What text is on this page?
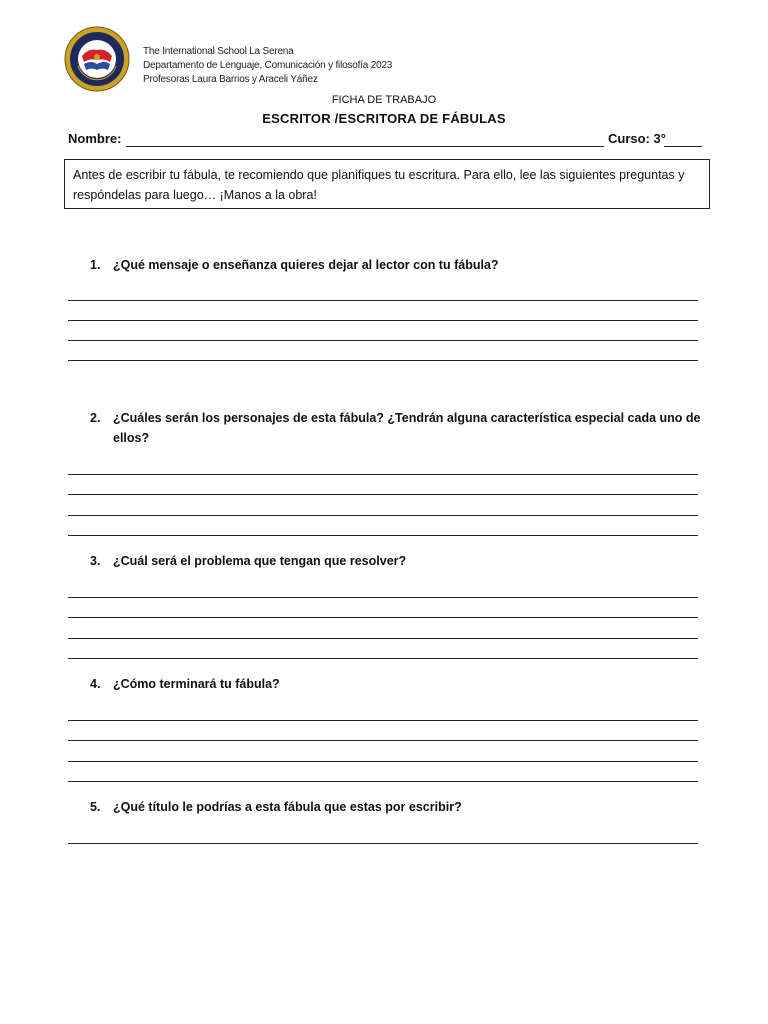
The International School La Serena
Departamento de Lenguaje, Comunicación y filosofía 2023
Profesoras Laura Barrios y Araceli Yáñez
FICHA DE TRABAJO
ESCRITOR /ESCRITORA DE FÁBULAS
Nombre:	Curso: 3°
Antes de escribir tu fábula, te recomiendo que planifiques tu escritura. Para ello, lee las siguientes preguntas y respóndelas para luego… ¡Manos a la obra!
1. ¿Qué mensaje o enseñanza quieres dejar al lector con tu fábula?
2. ¿Cuáles serán los personajes de esta fábula? ¿Tendrán alguna característica especial cada uno de ellos?
3. ¿Cuál será el problema que tengan que resolver?
4. ¿Cómo terminará tu fábula?
5. ¿Qué título le podrías a esta fábula que estas por escribir?
